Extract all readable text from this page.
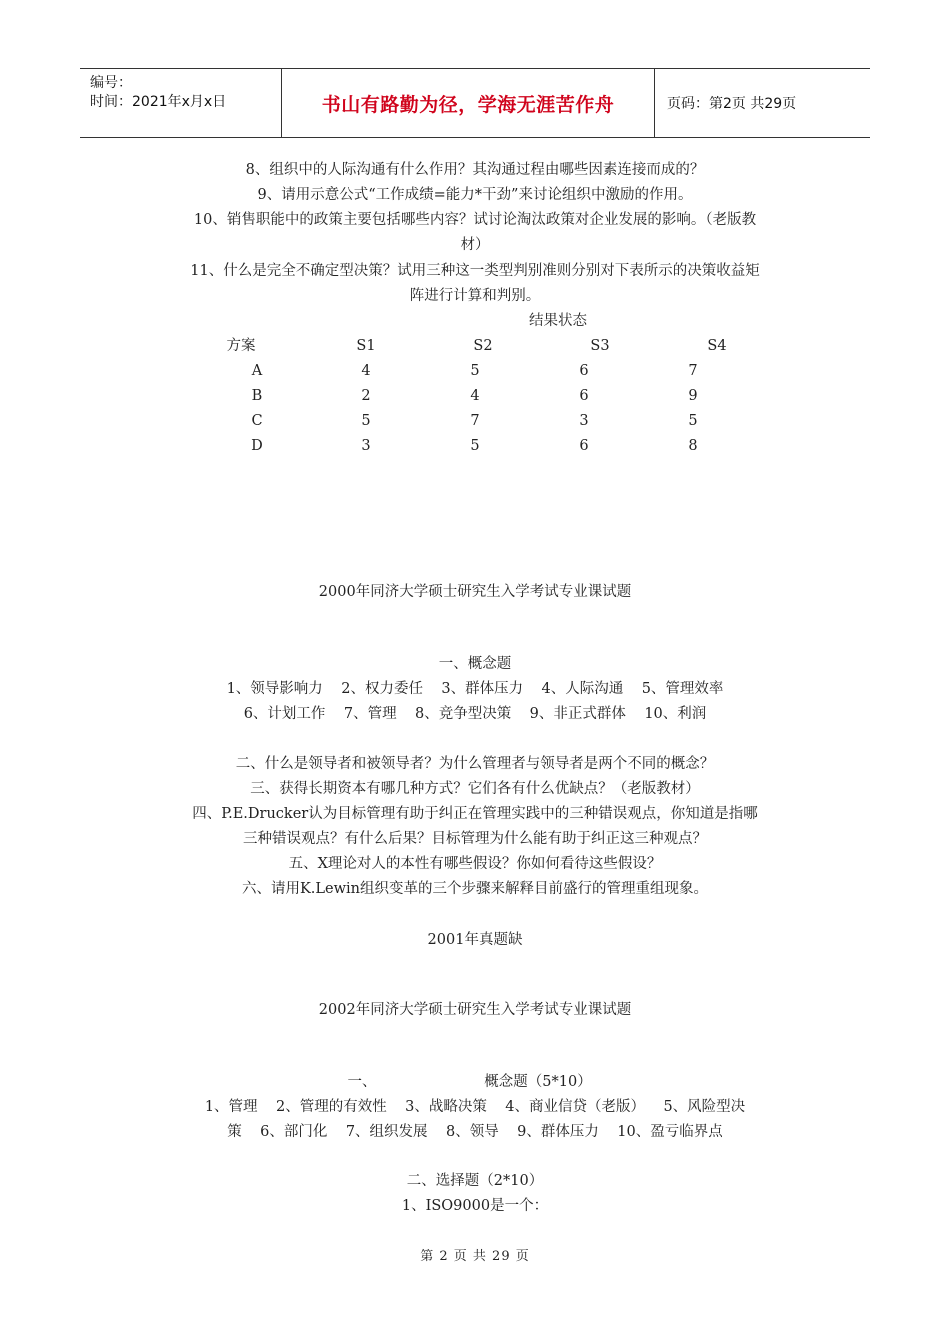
编号：
时间：2021年x月x日	书山有路勤为径，学海无涯苦作舟	页码：第2页 共29页
8、组织中的人际沟通有什么作用？其沟通过程由哪些因素连接而成的？
9、请用示意公式“工作成绩=能力*干劲”来讨论组织中激励的作用。
10、销售职能中的政策主要包括哪些内容？试讨论淘汰政策对企业发展的影响。（老版教
材）
11、什么是完全不确定型决策？试用三种这一类型判别准则分别对下表所示的决策收益矩
阵进行计算和判别。
结果状态
方案	S1	S2	S3	S4
A	4	5	6	7
B	2	4	6	9
C	5	7	3	5
D	3	5	6	8
2000年同济大学硕士研究生入学考试专业课试题
一、概念题
1、领导影响力    2、权力委任    3、群体压力    4、人际沟通    5、管理效率
6、计划工作    7、管理    8、竞争型决策    9、非正式群体    10、利润
二、什么是领导者和被领导者？为什么管理者与领导者是两个不同的概念？
三、获得长期资本有哪几种方式？它们各有什么优缺点？（老版教材）
四、P.E.Drucker认为目标管理有助于纠正在管理实践中的三种错误观点，你知道是指哪
三种错误观点？有什么后果？目标管理为什么能有助于纠正这三种观点？
五、X理论对人的本性有哪些假设？你如何看待这些假设？
六、请用K.Lewin组织变革的三个步骤来解释目前盛行的管理重组现象。
2001年真题缺
2002年同济大学硕士研究生入学考试专业课试题
一、	概念题（5*10）
1、管理    2、管理的有效性    3、战略决策    4、商业信贷（老版）    5、风险型决
策    6、部门化    7、组织发展    8、领导    9、群体压力    10、盈亏临界点
二、选择题（2*10）
1、ISO9000是一个：
第 2 页 共 29 页
